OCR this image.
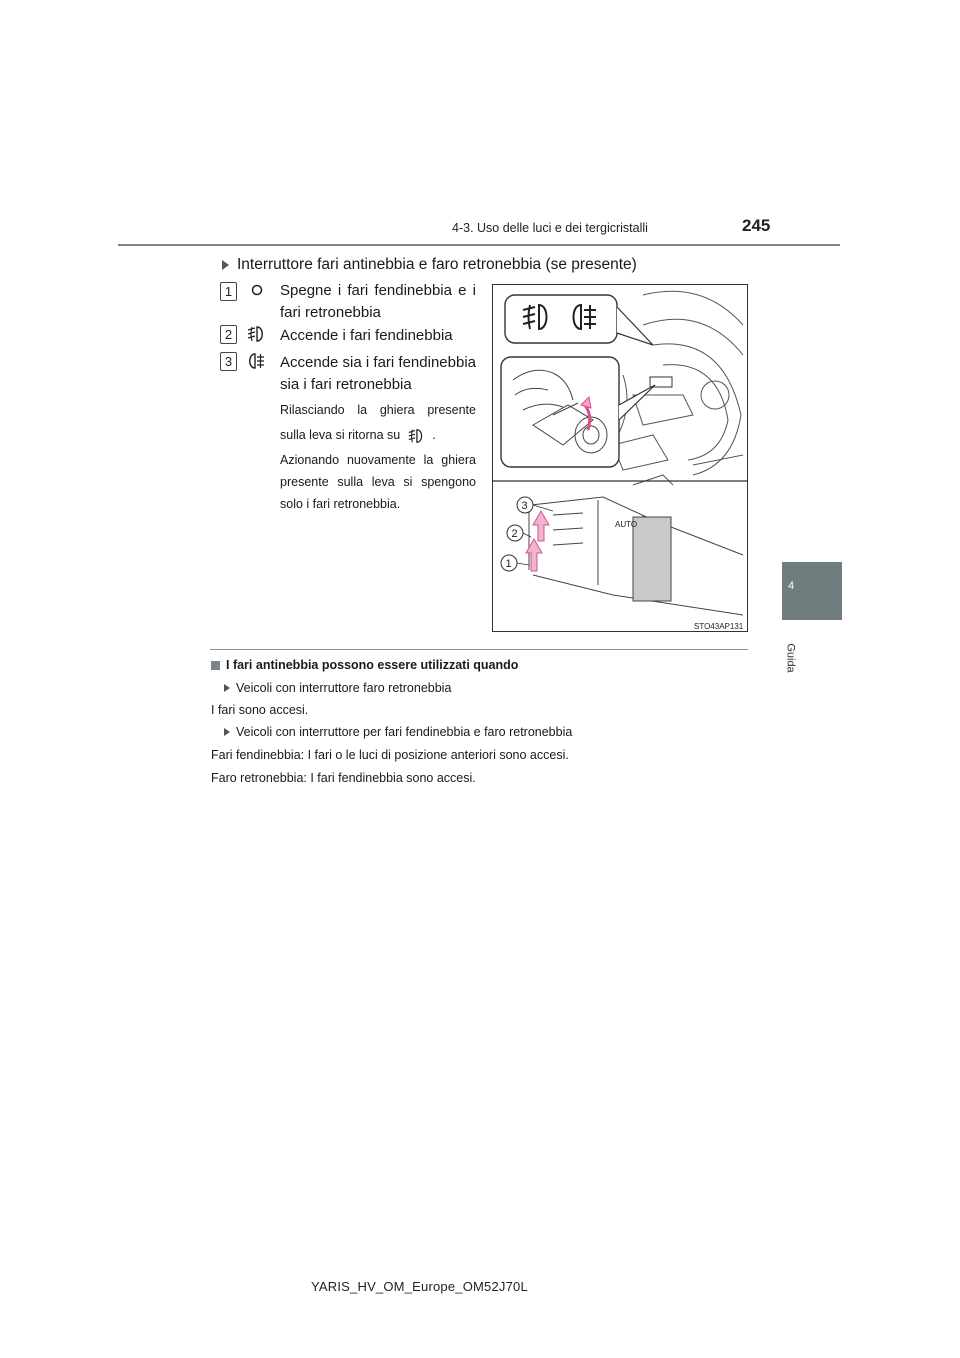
4-3. Uso delle luci e dei tergicristalli	245
4
Guida
Interruttore fari antinebbia e faro retronebbia (se presente)
1	Spegne i fari fendinebbia e i
fari retronebbia
2	Accende i fari fendinebbia
3	Accende sia i fari fendinebbia
sia i fari retronebbia
Rilasciando la ghiera presente
sulla leva si ritorna su	.
Azionando nuovamente la ghiera
presente sulla leva si spengono
solo i fari retronebbia.
AUTO
3
2
1
STO43AP131
I fari antinebbia possono essere utilizzati quando
Veicoli con interruttore faro retronebbia
I fari sono accesi.
Veicoli con interruttore per fari fendinebbia e faro retronebbia
Fari fendinebbia: I fari o le luci di posizione anteriori sono accesi.
Faro retronebbia: I fari fendinebbia sono accesi.
YARIS_HV_OM_Europe_OM52J70L
